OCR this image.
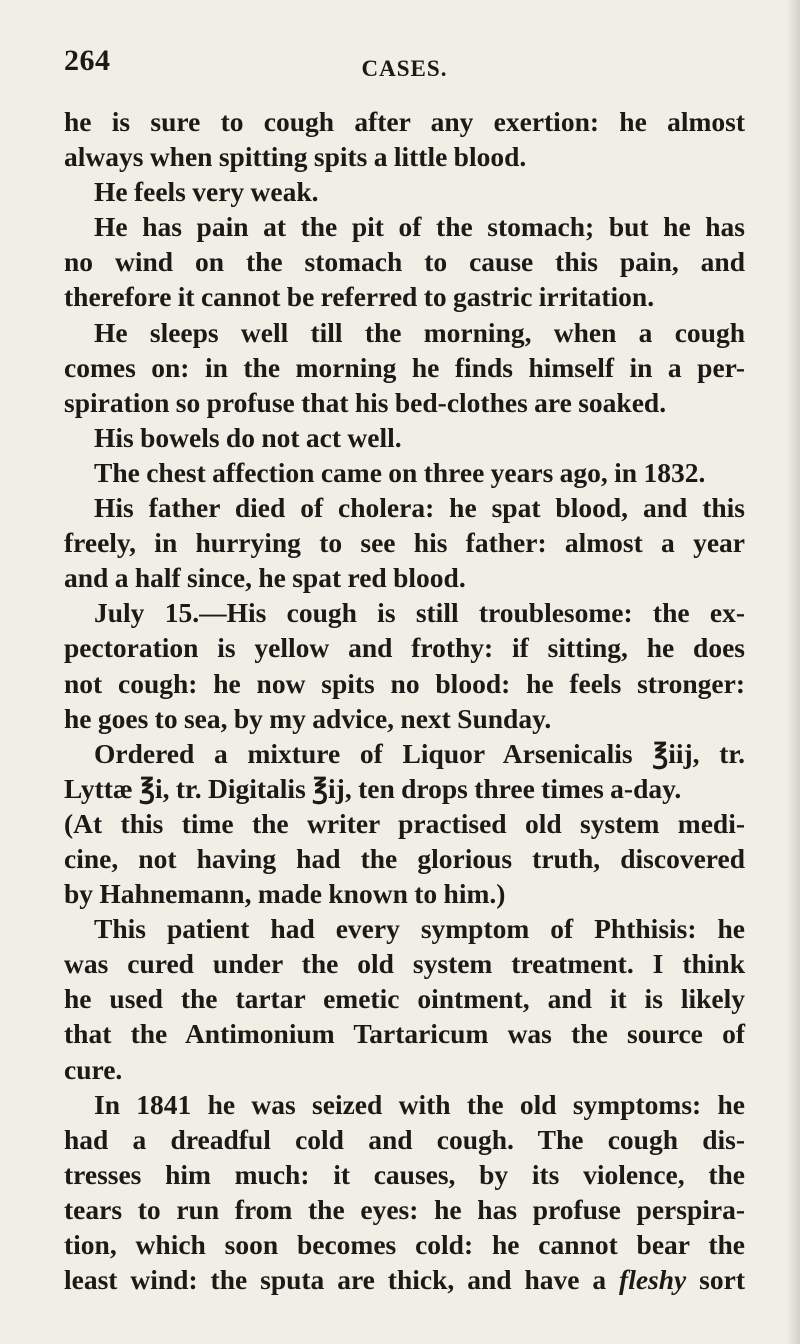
264	CASES.
he is sure to cough after any exertion: he almost
always when spitting spits a little blood.
He feels very weak.
He has pain at the pit of the stomach; but he has
no wind on the stomach to cause this pain, and
therefore it cannot be referred to gastric irritation.
He sleeps well till the morning, when a cough
comes on: in the morning he finds himself in a per-
spiration so profuse that his bed-clothes are soaked.
His bowels do not act well.
The chest affection came on three years ago, in 1832.
His father died of cholera: he spat blood, and this
freely, in hurrying to see his father: almost a year
and a half since, he spat red blood.
July 15.—His cough is still troublesome: the ex-
pectoration is yellow and frothy: if sitting, he does
not cough: he now spits no blood: he feels stronger:
he goes to sea, by my advice, next Sunday.
Ordered a mixture of Liquor Arsenicalis ℥iij, tr.
Lyttæ ℥i, tr. Digitalis ℥ij, ten drops three times a-day.
(At this time the writer practised old system medi-
cine, not having had the glorious truth, discovered
by Hahnemann, made known to him.)
This patient had every symptom of Phthisis: he
was cured under the old system treatment. I think
he used the tartar emetic ointment, and it is likely
that the Antimonium Tartaricum was the source of
cure.
In 1841 he was seized with the old symptoms: he
had a dreadful cold and cough. The cough dis-
tresses him much: it causes, by its violence, the
tears to run from the eyes: he has profuse perspira-
tion, which soon becomes cold: he cannot bear the
least wind: the sputa are thick, and have a fleshy sort
